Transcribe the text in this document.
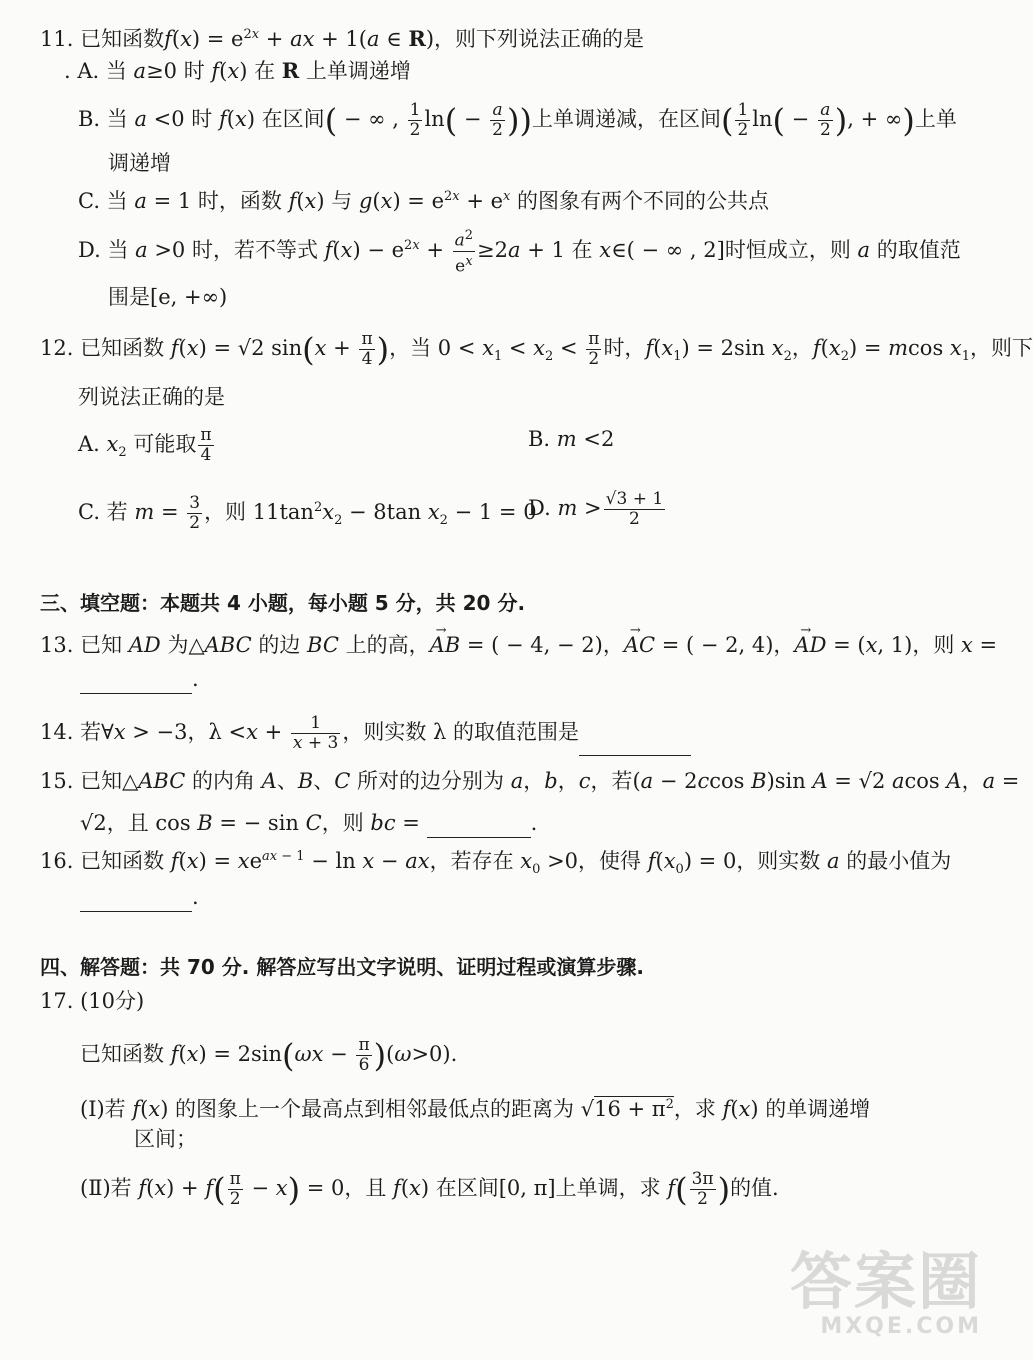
11. 已知函数$f(x) = e^{2x}$ + ax + 1(a ∈ R)，则下列说法正确的是
. A. 当 a≥0 时 f(x) 在 R 上单调递增
B. 当 a <0 时 f(x) 在区间( − ∞ , $\frac{1}{2} \ln( - \frac{a}{2}$ ))上单调递减，在区间( $\frac{1}{2} \ln( - \frac{a}{2}$ ), + ∞)上单
调递增
C. 当 a = 1 时，函数 f(x) 与 $g(x) = e^{2x} + e^x$ 的图象有两个不同的公共点
D. 当 a >0 时，若不等式 $f(x) - e^{2x} + \frac{a^2}{e^x} \ge 2a + 1$ 在 x∈( − ∞ , 2]时恒成立，则 a 的取值范
围是[e, +∞)
12. 已知函数 f(x) = √2 $\sin(x + \frac{\pi}{4}$ )，当 $0 < x_1 < x_2 < \frac{\pi}{2}$ 时，$f(x_1) = 2\sin$ $x_2$，$f(x_2) = mcos$ $x_1$，则下
列说法正确的是
A. $x_2$ 可能取 $\frac{\pi}{4}$	B. m <2
C. 若 $m = \frac{3}{2}$ ，则 $11\tan^2x_2 - 8\tan$ $x_2 - 1 = 0$
D. $m > \frac{√3 + 1}{2}$
三、填空题：本题共 4 小题，每小题 5 分，共 20 分.
13. 已知 AD 为△ABC 的边 BC 上的高，→ AB = ( − 4, − 2)，→ AC = ( − 2, 4)，→ AD = (x, 1)，则 x =
.
14. 若∀x > −3，$\lambda <x + \frac{1}{x + 3}$ ，则实数 λ 的取值范围是
15. 已知△ABC 的内角 A、B、C 所对的边分别为 a，b，c，若(a − 2ccos B)sin A = √2 acos A，a =
√2，且 cos B = − sin C，则 bc =	.
16. 已知函数 $f(x) = xe^{ax - 1} - \ln x$ − ax，若存在 $x_0 >0$，使得 $f(x_0) = 0$，则实数 a 的最小值为
.
四、解答题：共 70 分. 解答应写出文字说明、证明过程或演算步骤.
17. (10分)
已知函数 $f(x) = 2\sin(\omega x - \frac{\pi}{6} )(\omega>0)$.
(Ⅰ)若 f(x) 的图象上一个最高点到相邻最低点的距离为 $√16 + \pi^2$，求 f(x) 的单调递增
区间；
(Ⅱ)若 $f(x) + f( \frac{\pi}{2} - x) = 0$，且 f(x) 在区间[0, π]上单调，求 $f( \frac{3\pi}{2}$ )的值.
答案圈
MXQE.COM
